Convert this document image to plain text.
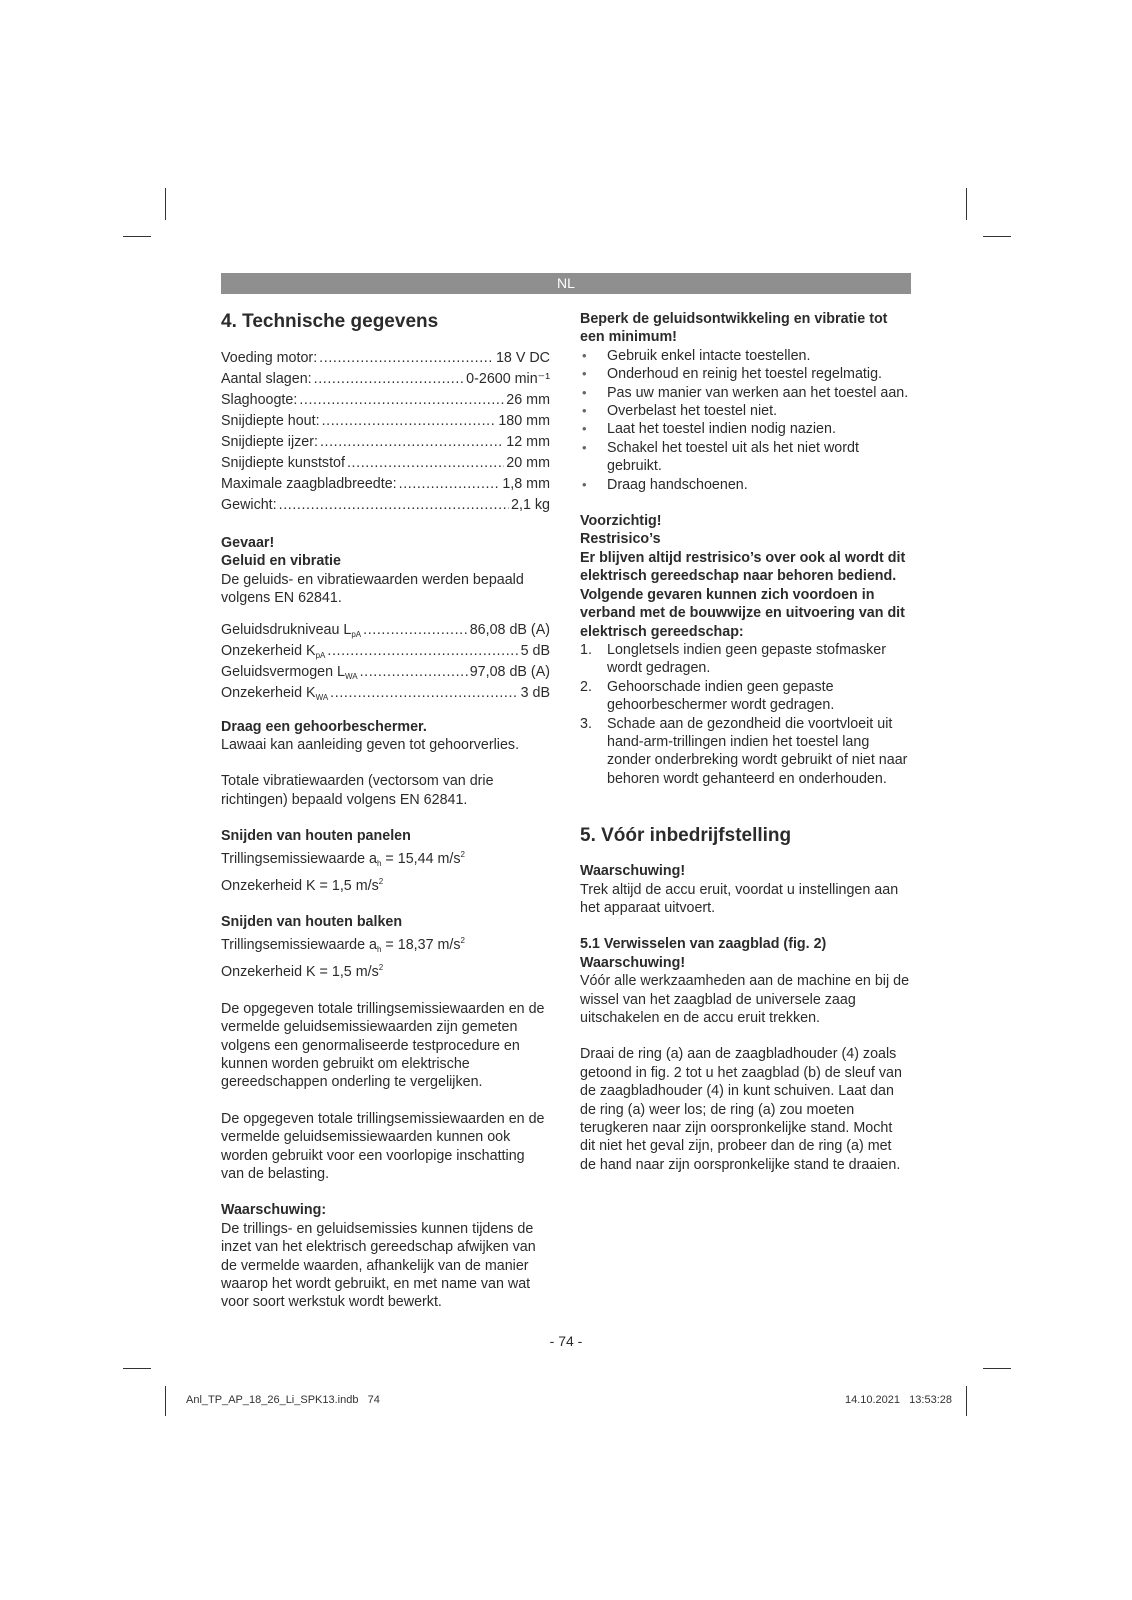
NL
4. Technische gegevens
Voeding motor: .....	18 V DC
Aantal slagen: .....	0-2600 min⁻¹
Slaghoogte: .....	26 mm
Snijdiepte hout: .....	180 mm
Snijdiepte ijzer: .....	12 mm
Snijdiepte kunststof .....	20 mm
Maximale zaagbladbreedte: .....	1,8 mm
Gewicht: .....	2,1 kg

Gevaar!

Geluid en vibratie

De geluids- en vibratiewaarden werden bepaald volgens EN 62841.

Geluidsdrukniveau $L_{pA}$ .....	86,08 dB (A)
Onzekerheid $K_{pA}$ .....	5 dB
Geluidsvermogen $L_{WA}$ .....	97,08 dB (A)
Onzekerheid $K_{WA}$ .....	3 dB

Draag een gehoorbeschermer.

Lawaai kan aanleiding geven tot gehoorverlies.

Totale vibratiewaarden (vectorsom van drie richtingen) bepaald volgens EN 62841.

Snijden van houten panelen

Trillingsemissiewaarde $a_h = 15,44$ $m/s^2$

Onzekerheid K = 1,5 $m/s^2$

Snijden van houten balken

Trillingsemissiewaarde $a_h = 18,37$ $m/s^2$

Onzekerheid K = 1,5 $m/s^2$

De opgegeven totale trillingsemissiewaarden en de vermelde geluidsemissiewaarden zijn gemeten volgens een genormaliseerde testprocedure en kunnen worden gebruikt om elektrische gereedschappen onderling te vergelijken.

De opgegeven totale trillingsemissiewaarden en de vermelde geluidsemissiewaarden kunnen ook worden gebruikt voor een voorlopige inschatting van de belasting.

Waarschuwing:

De trillings- en geluidsemissies kunnen tijdens de inzet van het elektrisch gereedschap afwijken van de vermelde waarden, afhankelijk van de manier waarop het wordt gebruikt, en met name van wat voor soort werkstuk wordt bewerkt.

Beperk de geluidsontwikkeling en vibratie tot een minimum!

• Gebruik enkel intacte toestellen.
• Onderhoud en reinig het toestel regelmatig.
• Pas uw manier van werken aan het toestel aan.
• Overbelast het toestel niet.
• Laat het toestel indien nodig nazien.
• Schakel het toestel uit als het niet wordt gebruikt.
• Draag handschoenen.

Voorzichtig!

Restrisico’s

Er blijven altijd restrisico’s over ook al wordt dit elektrisch gereedschap naar behoren bediend. Volgende gevaren kunnen zich voordoen in verband met de bouwwijze en uitvoering van dit elektrisch gereedschap:

1. Longletsels indien geen gepaste stofmasker wordt gedragen.
2. Gehoorschade indien geen gepaste gehoorbeschermer wordt gedragen.
3. Schade aan de gezondheid die voortvloeit uit hand-arm-trillingen indien het toestel lang zonder onderbreking wordt gebruikt of niet naar behoren wordt gehanteerd en onderhouden.
5. Vóór inbedrijfstelling

Waarschuwing!

Trek altijd de accu eruit, voordat u instellingen aan het apparaat uitvoert.

5.1 Verwisselen van zaagblad (fig. 2)

Waarschuwing!

Vóór alle werkzaamheden aan de machine en bij de wissel van het zaagblad de universele zaag uitschakelen en de accu eruit trekken.

Draai de ring (a) aan de zaagbladhouder (4) zoals getoond in fig. 2 tot u het zaagblad (b) de sleuf van de zaagbladhouder (4) in kunt schuiven. Laat dan de ring (a) weer los; de ring (a) zou moeten terugkeren naar zijn oorspronkelijke stand. Mocht dit niet het geval zijn, probeer dan de ring (a) met de hand naar zijn oorspronkelijke stand te draaien.

- 74 -
Anl_TP_AP_18_26_Li_SPK13.indb   74	14.10.2021   13:53:28
